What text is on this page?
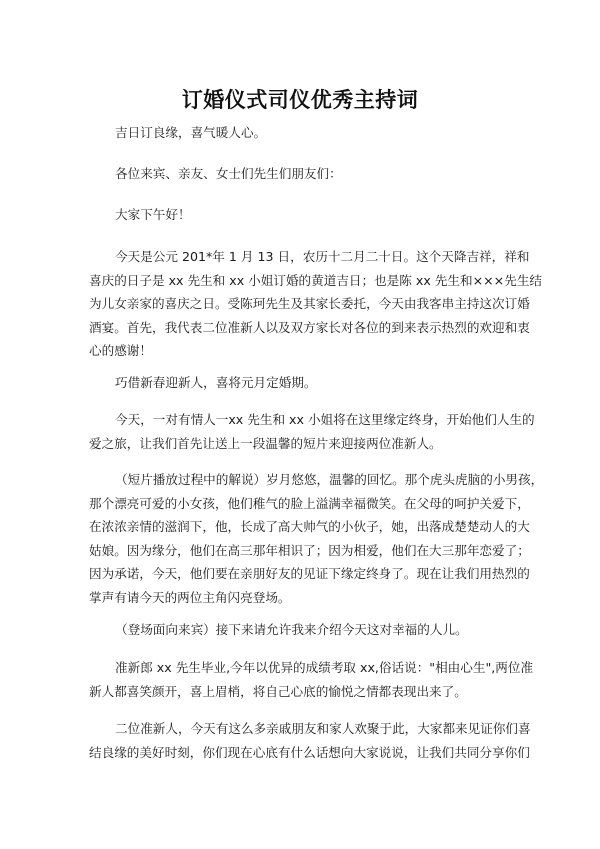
订婚仪式司仪优秀主持词
吉日订良缘，喜气暖人心。
各位来宾、亲友、女士们先生们朋友们：
大家下午好！
今天是公元 201*年 1 月 13 日，农历十二月二十日。这个天降吉祥，祥和
喜庆的日子是 xx 先生和 xx 小姐订婚的黄道吉日；也是陈 xx 先生和×××先生结
为儿女亲家的喜庆之日。受陈珂先生及其家长委托，今天由我客串主持这次订婚
酒宴。首先，我代表二位准新人以及双方家长对各位的到来表示热烈的欢迎和衷
心的感谢！
巧借新春迎新人，喜将元月定婚期。
今天，一对有情人一xx 先生和 xx 小姐将在这里缘定终身，开始他们人生的
爱之旅，让我们首先让送上一段温馨的短片来迎接两位准新人。
（短片播放过程中的解说）岁月悠悠，温馨的回忆。那个虎头虎脑的小男孩，
那个漂亮可爱的小女孩，他们稚气的脸上溢满幸福微笑。在父母的呵护关爱下，
在浓浓亲情的滋润下，他，长成了高大帅气的小伙子，她，出落成楚楚动人的大
姑娘。因为缘分，他们在高三那年相识了；因为相爱，他们在大三那年恋爱了；
因为承诺，今天，他们要在亲朋好友的见证下缘定终身了。现在让我们用热烈的
掌声有请今天的两位主角闪亮登场。
（登场面向来宾）接下来请允许我来介绍今天这对幸福的人儿。
准新郎 xx 先生毕业,今年以优异的成绩考取 xx,俗话说："相由心生",两位准
新人都喜笑颜开，喜上眉梢，将自己心底的愉悦之情都表现出来了。
二位准新人，今天有这么多亲戚朋友和家人欢聚于此，大家都来见证你们喜
结良缘的美好时刻，你们现在心底有什么话想向大家说说，让我们共同分享你们
